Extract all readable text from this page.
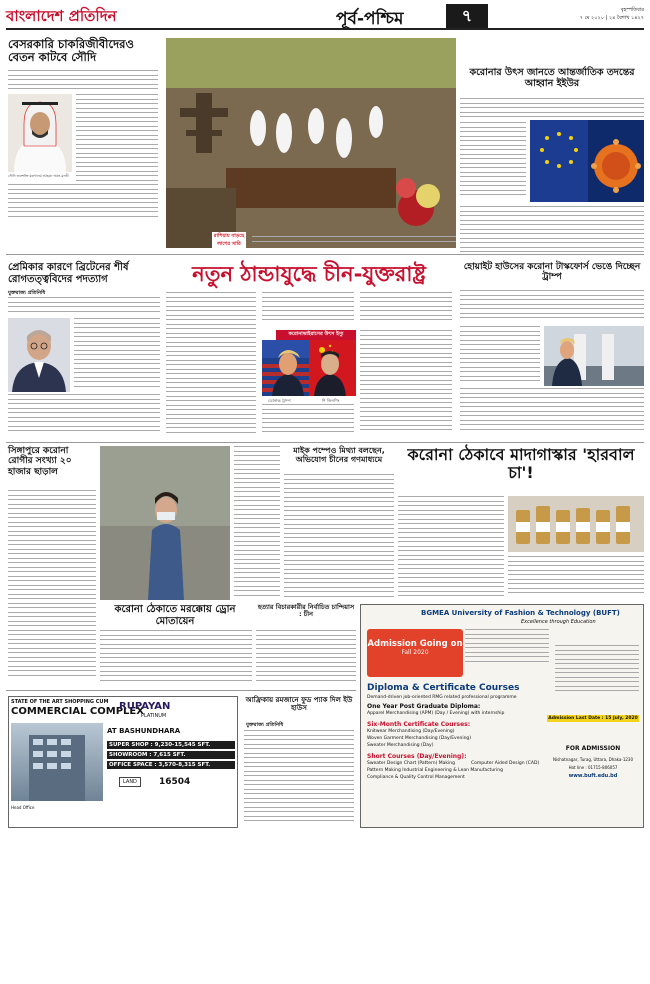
বাংলাদেশ প্রতিদিন	পূর্ব-পশ্চিম	৭	বৃহস্পতিবার
৭ মে ২০২০ | ২৪ বৈশাখ ১৪২৭
বেসরকারি চাকরিজীবীদেরও বেতন কাটবে সৌদি
সৌদি জনশক্তি মন্ত্রণালয় আহমদ আল-রাজী
রাশিয়ায় বাড়ছে লাশের সারি
করোনার উৎস জানতে আন্তর্জাতিক তদন্তের আহ্বান ইইউর
প্রেমিকার কারণে ব্রিটেনের শীর্ষ রোগতত্ত্ববিদের পদত্যাগ
যুক্তরাজ্য প্রতিনিধি
নতুন ঠান্ডাযুদ্ধে চীন-যুক্তরাষ্ট্র
করোনাভাইরাসের উৎস ইস্যু
ডোনাল্ড ট্রাম্প	শি জিনপিং
হোয়াইট হাউসের করোনা টাস্কফোর্স ভেঙে দিচ্ছেন ট্রাম্প
সিঙ্গাপুরে করোনা রোগীর সংখ্যা ২০ হাজার ছাড়াল
মাইক পম্পেও মিথ্যা বলছেন, অভিযোগ চীনের গণমাধ্যমে	করোনা ঠেকাবে মাদাগাস্কার 'হারবাল চা'!
করোনা ঠেকাতে মরক্কোয় ড্রোন মোতায়েন
হত্যার বিচারকারীর নির্বাচিত চান্দিয়াস : চীন
STATE OF THE ART SHOPPING CUM
COMMERCIAL COMPLEX
RUPAYAN
PLATINUM
AT BASHUNDHARA
SUPER SHOP : 9,230-15,545 SFT.
SHOWROOM : 7,615 SFT.
OFFICE SPACE : 3,570-8,315 SFT.
LAND	16504
Head Office
আফ্রিকায় রমজানে ফুড প্যাক দিল ইউ হাউস
যুক্তরাজ্য প্রতিনিধি
BGMEA University of Fashion & Technology (BUFT)
Excellence through Education
Admission Going on
Fall 2020
Diploma & Certificate Courses
Demand-driven job-oriented RMG related professional programme
One Year Post Graduate Diploma:
Apparel Merchandising (APM) (Day / Evening) with internship
Six-Month Certificate Courses:
Knitwear Merchandising (Day/Evening)
Woven Garment Merchandising (Day/Evening)
Sweater Merchandising (Day)
Short Courses (Day/Evening):
Sweater Design Chart (Pattern) Making	Computer Aided Design (CAD)
Pattern Making Industrial Engineering & Lean Manufacturing
Compliance & Quality Control Management
Admission Last Date : 15 July, 2020
FOR ADMISSION
Nishatnagar, Turag, Uttara, Dhaka-1230
Hot line : 01715-806057
www.buft.edu.bd
